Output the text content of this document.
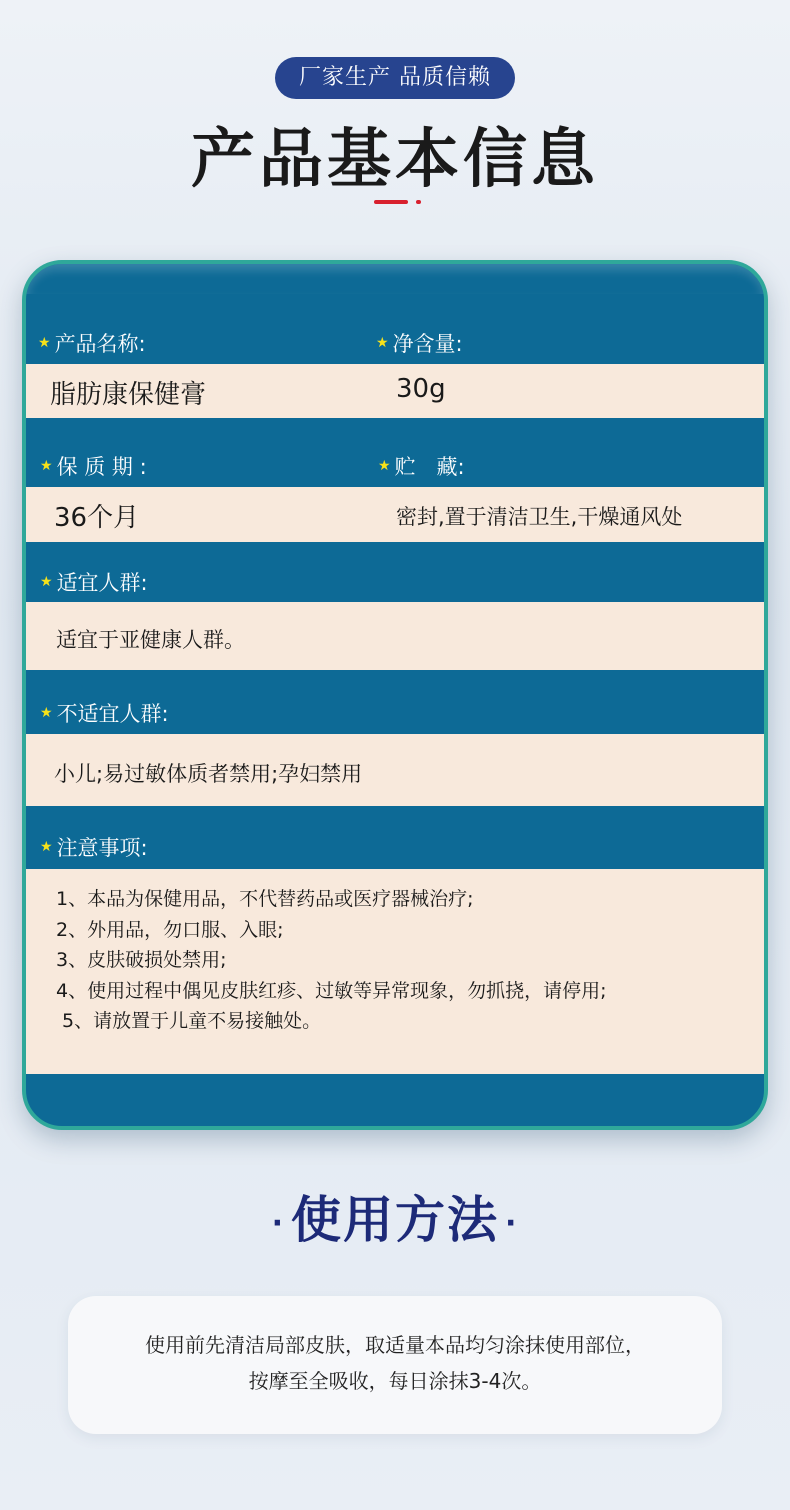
厂家生产 品质信赖
产品基本信息
★ 产品名称:	★ 净含量:
脂肪康保健膏	30g
★ 保 质 期 :	★ 贮　藏:
36个月	密封,置于清洁卫生,干燥通风处
★ 适宜人群:
适宜于亚健康人群。
★ 不适宜人群:
小儿;易过敏体质者禁用;孕妇禁用
★ 注意事项:
1、本品为保健用品，不代替药品或医疗器械治疗;
2、外用品，勿口服、入眼;
3、皮肤破损处禁用;
4、使用过程中偶见皮肤红疹、过敏等异常现象，勿抓挠，请停用;
5、请放置于儿童不易接触处。
· 使用方法 ·
使用前先清洁局部皮肤，取适量本品均匀涂抹使用部位，
按摩至全吸收，每日涂抹3-4次。
